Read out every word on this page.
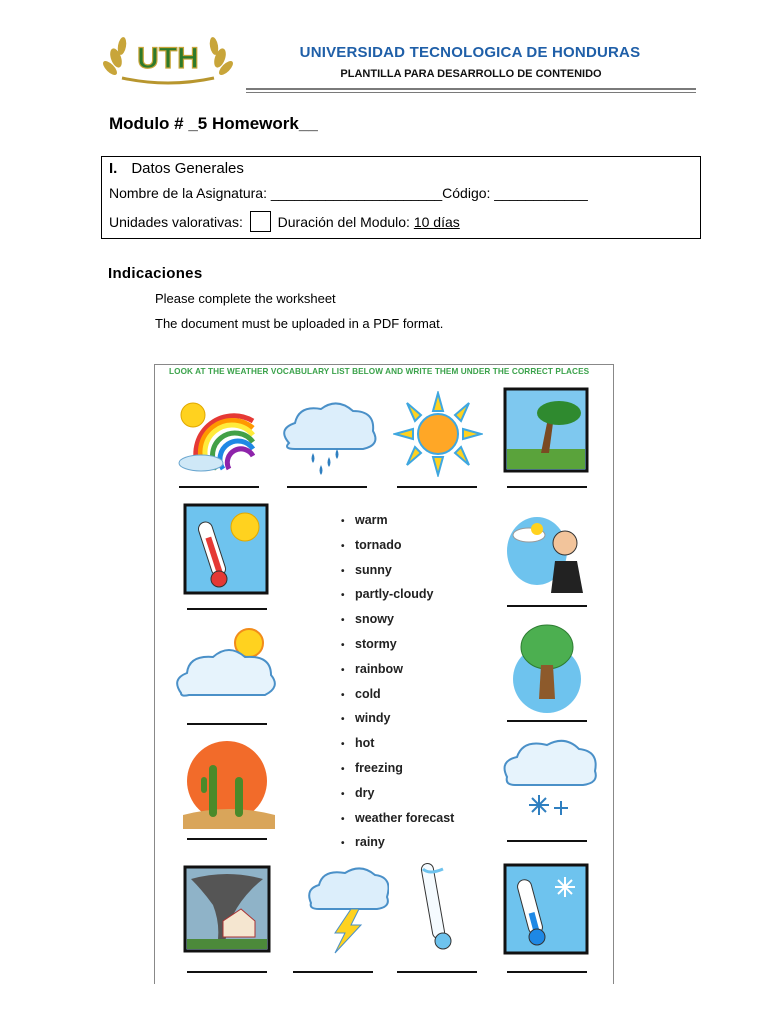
UTH	UNIVERSIDAD TECNOLOGICA DE HONDURAS
PLANTILLA PARA DESARROLLO DE CONTENIDO
Modulo # _5 Homework__
I. Datos Generales
Nombre de la Asignatura: ______________________Código: ____________
Unidades valorativas: Duración del Modulo: 10 días
Indicaciones
Please complete the worksheet
The document must be uploaded in a PDF format.
LOOK AT THE WEATHER VOCABULARY LIST BELOW AND WRITE THEM UNDER THE CORRECT PLACES
• warm
• tornado
• sunny
• partly-cloudy
• snowy
• stormy
• rainbow
• cold
• windy
• hot
• freezing
• dry
• weather forecast
• rainy
